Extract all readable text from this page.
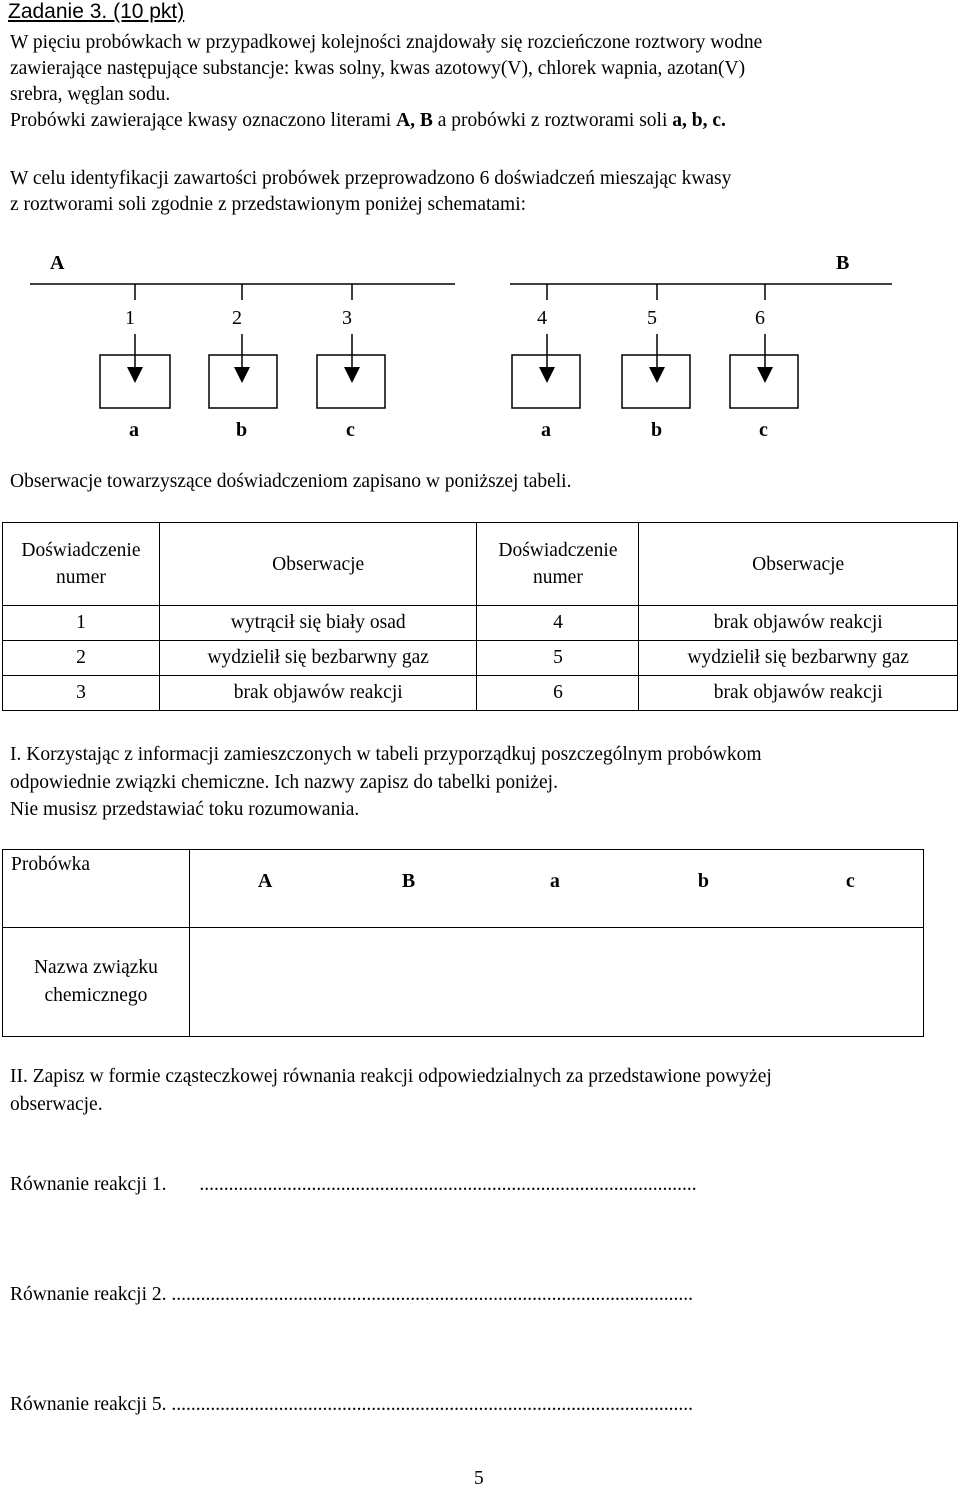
Zadanie 3. (10 pkt)
W pięciu probówkach w przypadkowej kolejności znajdowały się rozcieńczone roztwory wodne
zawierające następujące substancje: kwas solny, kwas azotowy(V), chlorek wapnia, azotan(V)
srebra, węglan sodu.
Probówki zawierające kwasy oznaczono literami A, B a probówki z roztworami soli a, b, c.
W celu identyfikacji zawartości probówek przeprowadzono 6 doświadczeń mieszając kwasy
z roztworami soli zgodnie z przedstawionym poniżej schematami:
A	B
1
a
2
b
3
c
4
a
5
b
6
c
Obserwacje towarzyszące doświadczeniom zapisano w poniższej tabeli.
Doświadczenie
numer	Obserwacje	Doświadczenie
numer	Obserwacje
1	wytrącił się biały osad	4	brak objawów reakcji
2	wydzielił się bezbarwny gaz	5	wydzielił się bezbarwny gaz
3	brak objawów reakcji	6	brak objawów reakcji
I. Korzystając z informacji zamieszczonych w tabeli przyporządkuj poszczególnym probówkom
odpowiednie związki chemiczne. Ich nazwy zapisz do tabelki poniżej.
Nie musisz przedstawiać toku rozumowania.
Probówka	A B a b c

Nazwa związku
chemicznego	
II. Zapisz w formie cząsteczkowej równania reakcji odpowiedzialnych za przedstawione powyżej
obserwacje.
Równanie reakcji 1. ......................................................................................................
Równanie reakcji 2. ...........................................................................................................
Równanie reakcji 5. ...........................................................................................................
5
